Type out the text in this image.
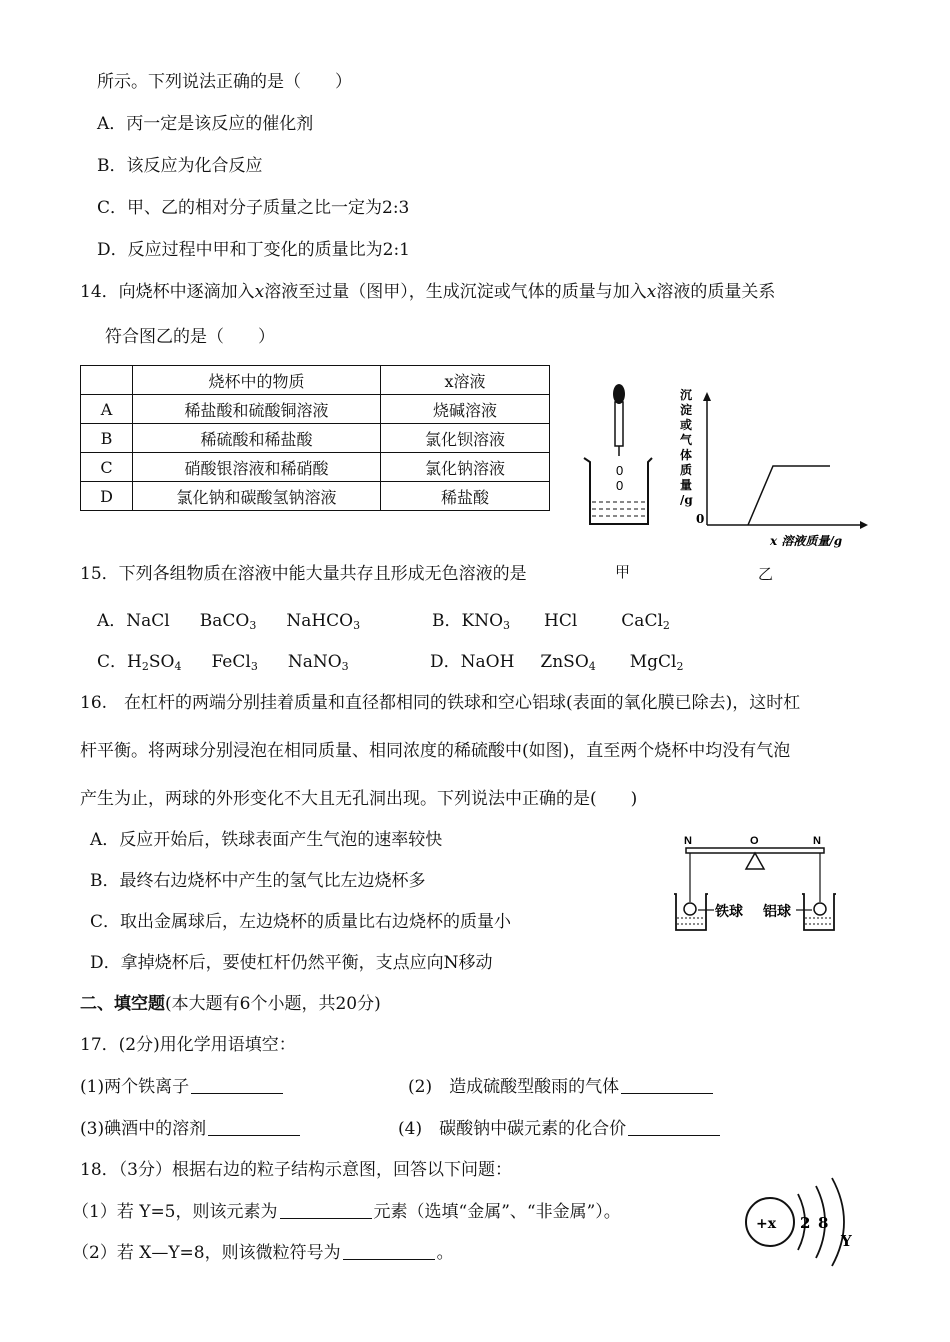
所示。下列说法正确的是（　　）
A．丙一定是该反应的催化剂
B．该反应为化合反应
C．甲、乙的相对分子质量之比一定为2:3
D．反应过程中甲和丁变化的质量比为2:1
14．向烧杯中逐滴加入x溶液至过量（图甲），生成沉淀或气体的质量与加入x溶液的质量关系
符合图乙的是（　　）
	烧杯中的物质	x溶液
A	稀盐酸和硫酸铜溶液	烧碱溶液
B	稀硫酸和稀盐酸	氯化钡溶液
C	硝酸银溶液和稀硝酸	氯化钠溶液
D	氯化钠和碳酸氢钠溶液	稀盐酸
0
0
沉
淀
或
气
体
质
量
/g
0
x 溶液质量/g
甲	乙
15．下列各组物质在溶液中能大量共存且形成无色溶液的是
A．NaCl BaCO$_3$ NaHCO$_3$	B．$KNO_3$ HCl	CaCl$_2$
C．$H_2SO_4$ FeCl$_3$ NaNO$_3$	D．NaOH ZnSO$_4$ MgCl$_2$
16.　在杠杆的两端分别挂着质量和直径都相同的铁球和空心铝球(表面的氧化膜已除去)，这时杠
杆平衡。将两球分别浸泡在相同质量、相同浓度的稀硫酸中(如图)，直至两个烧杯中均没有气泡
产生为止，两球的外形变化不大且无孔洞出现。下列说法中正确的是(　　)
A．反应开始后，铁球表面产生气泡的速率较快
B．最终右边烧杯中产生的氢气比左边烧杯多
C．取出金属球后，左边烧杯的质量比右边烧杯的质量小
D．拿掉烧杯后，要使杠杆仍然平衡，支点应向N移动
N	O	N
铁球 铝球
二、填空题(本大题有6个小题，共20分)
17．(2分)用化学用语填空：
(1)两个铁离子	(2)　造成硫酸型酸雨的气体
(3)碘酒中的溶剂	(4)　碳酸钠中碳元素的化合价
18．（3分）根据右边的粒子结构示意图，回答以下问题：
（1）若 Y=5，则该元素为	元素（选填“金属”、“非金属”）。
（2）若 X—Y=8，则该微粒符号为	。
+x 2 8
Y
